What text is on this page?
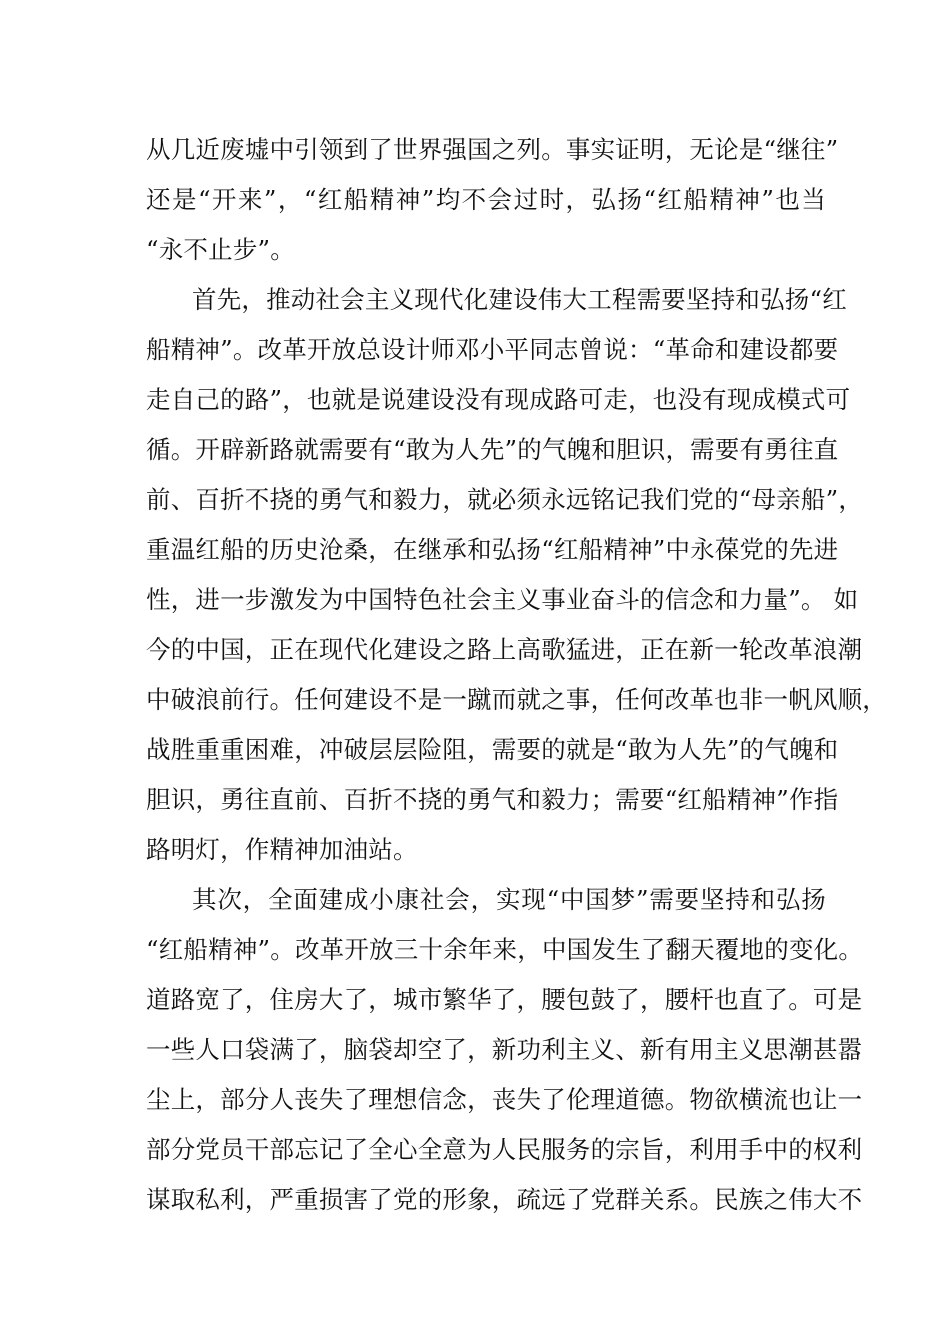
从几近废墟中引领到了世界强国之列。事实证明，无论是“继往”
还是“开来”，“红船精神”均不会过时，弘扬“红船精神”也当
“永不止步”。
首先，推动社会主义现代化建设伟大工程需要坚持和弘扬“红
船精神”。改革开放总设计师邓小平同志曾说：“革命和建设都要
走自己的路”，也就是说建设没有现成路可走，也没有现成模式可
循。开辟新路就需要有“敢为人先”的气魄和胆识，需要有勇往直
前、百折不挠的勇气和毅力，就必须永远铭记我们党的“母亲船”，
重温红船的历史沧桑，在继承和弘扬“红船精神”中永葆党的先进
性，进一步激发为中国特色社会主义事业奋斗的信念和力量”。 如
今的中国，正在现代化建设之路上高歌猛进，正在新一轮改革浪潮
中破浪前行。任何建设不是一蹴而就之事，任何改革也非一帆风顺，
战胜重重困难，冲破层层险阻，需要的就是“敢为人先”的气魄和
胆识，勇往直前、百折不挠的勇气和毅力；需要“红船精神”作指
路明灯，作精神加油站。
其次，全面建成小康社会，实现“中国梦”需要坚持和弘扬
“红船精神”。改革开放三十余年来，中国发生了翻天覆地的变化。
道路宽了，住房大了，城市繁华了，腰包鼓了，腰杆也直了。可是
一些人口袋满了，脑袋却空了，新功利主义、新有用主义思潮甚嚣
尘上，部分人丧失了理想信念，丧失了伦理道德。物欲横流也让一
部分党员干部忘记了全心全意为人民服务的宗旨，利用手中的权利
谋取私利，严重损害了党的形象，疏远了党群关系。民族之伟大不
